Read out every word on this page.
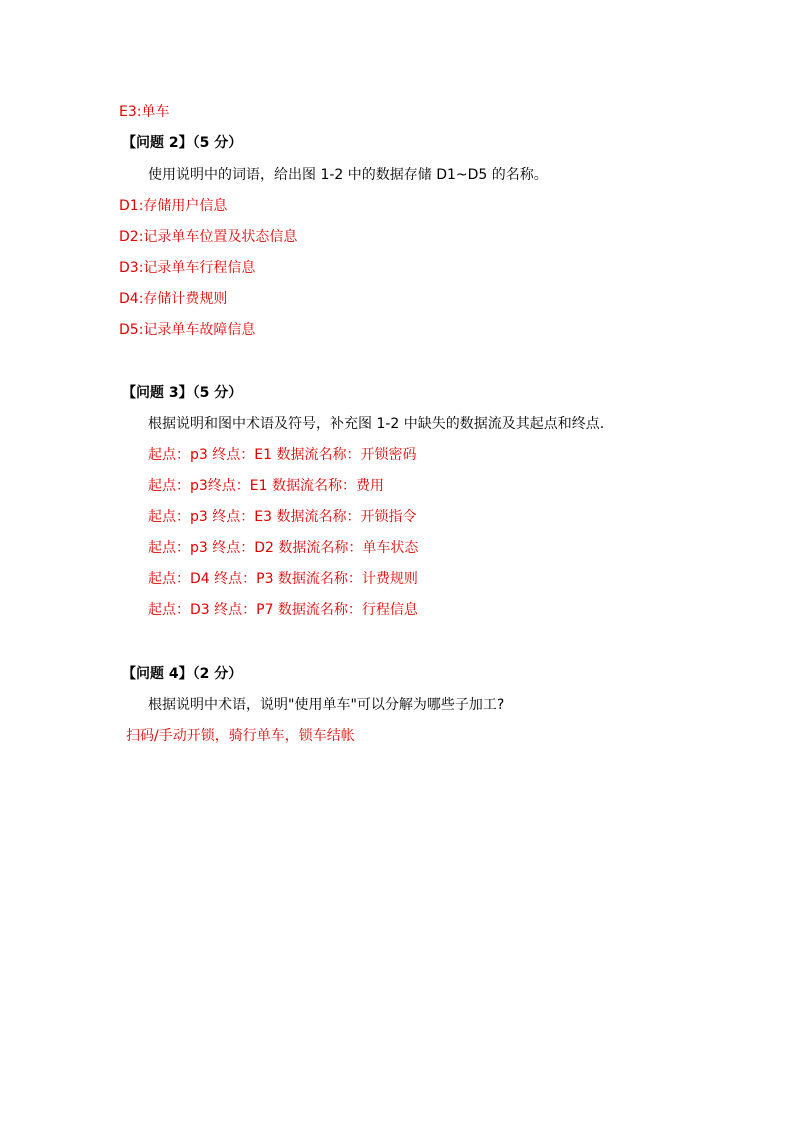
E3:单车
【问题 2】（5 分）
使用说明中的词语，给出图 1-2 中的数据存储 D1~D5 的名称。
D1:存储用户信息
D2:记录单车位置及状态信息
D3:记录单车行程信息
D4:存储计费规则
D5:记录单车故障信息
【问题 3】（5 分）
根据说明和图中术语及符号，补充图 1-2 中缺失的数据流及其起点和终点.
起点：p3 终点：E1 数据流名称：开锁密码
起点：p3终点：E1 数据流名称：费用
起点：p3 终点：E3 数据流名称：开锁指令
起点：p3 终点：D2 数据流名称：单车状态
起点：D4 终点：P3 数据流名称：计费规则
起点：D3 终点：P7 数据流名称：行程信息
【问题 4】（2 分）
根据说明中术语，说明"使用单车"可以分解为哪些子加工?
扫码/手动开锁，骑行单车，锁车结帐
